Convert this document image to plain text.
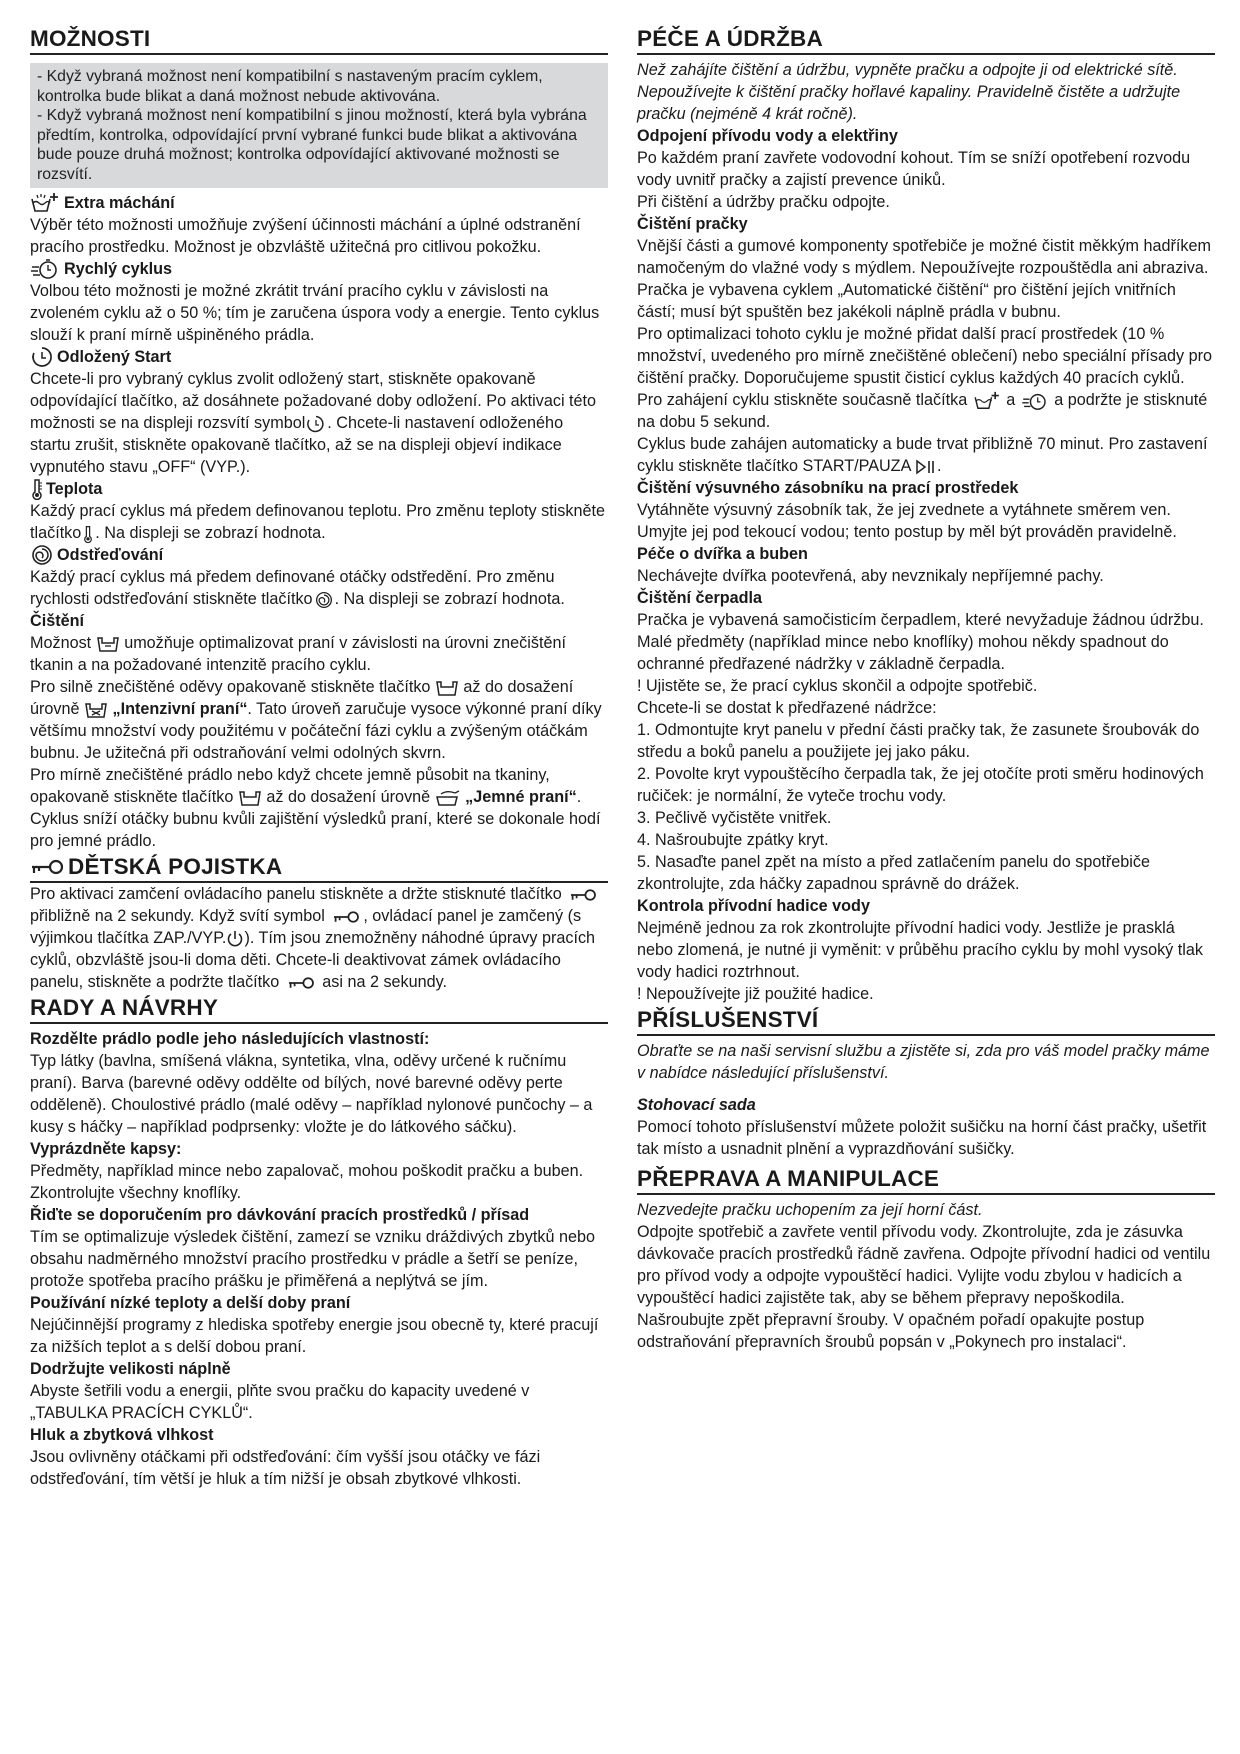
MOŽNOSTI

- Když vybraná možnost není kompatibilní s nastaveným pracím cyklem, kontrolka bude blikat a daná možnost nebude aktivována.

- Když vybraná možnost není kompatibilní s jinou možností, která byla vybrána předtím, kontrolka, odpovídající první vybrané funkci bude blikat a aktivována bude pouze druhá možnost; kontrolka odpovídající aktivované možnosti se rozsvítí.

Extra máchání

Výběr této možnosti umožňuje zvýšení účinnosti máchání a úplné odstranění pracího prostředku. Možnost je obzvláště užitečná pro citlivou pokožku.

Rychlý cyklus

Volbou této možnosti je možné zkrátit trvání pracího cyklu v závislosti na zvoleném cyklu až o 50 %; tím je zaručena úspora vody a energie. Tento cyklus slouží k praní mírně ušpiněného prádla.

Odložený Start

Chcete-li pro vybraný cyklus zvolit odložený start, stiskněte opakovaně odpovídající tlačítko, až dosáhnete požadované doby odložení. Po aktivaci této možnosti se na displeji rozsvítí symbol . Chcete-li nastavení odloženého startu zrušit, stiskněte opakovaně tlačítko, až se na displeji objeví indikace vypnutého stavu „OFF“ (VYP.).

Teplota

Každý prací cyklus má předem definovanou teplotu. Pro změnu teploty stiskněte tlačítko . Na displeji se zobrazí hodnota.

Odstřeďování

Každý prací cyklus má předem definované otáčky odstředění. Pro změnu rychlosti odstřeďování stiskněte tlačítko . Na displeji se zobrazí hodnota.

Čištění

Možnost umožňuje optimalizovat praní v závislosti na úrovni znečištění tkanin a na požadované intenzitě pracího cyklu.

Pro silně znečištěné oděvy opakovaně stiskněte tlačítko až do dosažení úrovně „Intenzivní praní“. Tato úroveň zaručuje vysoce výkonné praní díky většímu množství vody použitému v počáteční fázi cyklu a zvýšeným otáčkám bubnu. Je užitečná při odstraňování velmi odolných skvrn.

Pro mírně znečištěné prádlo nebo když chcete jemně působit na tkaniny, opakovaně stiskněte tlačítko až do dosažení úrovně „Jemné praní“. Cyklus sníží otáčky bubnu kvůli zajištění výsledků praní, které se dokonale hodí pro jemné prádlo.

DĚTSKÁ POJISTKA

Pro aktivaci zamčení ovládacího panelu stiskněte a držte stisknuté tlačítko  přibližně na 2 sekundy. Když svítí symbol , ovládací panel je zamčený (s výjimkou tlačítka ZAP./VYP. ). Tím jsou znemožněny náhodné úpravy pracích cyklů, obzvláště jsou-li doma děti. Chcete-li deaktivovat zámek ovládacího panelu, stiskněte a podržte tlačítko	asi na 2 sekundy.

RADY A NÁVRHY

Rozdělte prádlo podle jeho následujících vlastností:

Typ látky (bavlna, smíšená vlákna, syntetika, vlna, oděvy určené k ručnímu praní). Barva (barevné oděvy oddělte od bílých, nové barevné oděvy perte odděleně). Choulostivé prádlo (malé oděvy – například nylonové punčochy – a kusy s háčky – například podprsenky: vložte je do látkového sáčku).

Vyprázdněte kapsy:

Předměty, například mince nebo zapalovač, mohou poškodit pračku a buben. Zkontrolujte všechny knoflíky.

Řiďte se doporučením pro dávkování pracích prostředků / přísad

Tím se optimalizuje výsledek čištění, zamezí se vzniku dráždivých zbytků nebo obsahu nadměrného množství pracího prostředku v prádle a šetří se peníze, protože spotřeba pracího prášku je přiměřená a neplýtvá se jím.

Používání nízké teploty a delší doby praní

Nejúčinnější programy z hlediska spotřeby energie jsou obecně ty, které pracují za nižších teplot a s delší dobou praní.

Dodržujte velikosti náplně

Abyste šetřili vodu a energii, plňte svou pračku do kapacity uvedené v „TABULKA PRACÍCH CYKLŮ“.

Hluk a zbytková vlhkost

Jsou ovlivněny otáčkami při odstřeďování: čím vyšší jsou otáčky ve fázi odstřeďování, tím větší je hluk a tím nižší je obsah zbytkové vlhkosti.

PÉČE A ÚDRŽBA

Než zahájíte čištění a údržbu, vypněte pračku a odpojte ji od elektrické sítě. Nepoužívejte k čištění pračky hořlavé kapaliny. Pravidelně čistěte a udržujte pračku (nejméně 4 krát ročně).

Odpojení přívodu vody a elektřiny

Po každém praní zavřete vodovodní kohout. Tím se sníží opotřebení rozvodu vody uvnitř pračky a zajistí prevence úniků.

Při čištění a údržby pračku odpojte.

Čištění pračky

Vnější části a gumové komponenty spotřebiče je možné čistit měkkým hadříkem namočeným do vlažné vody s mýdlem. Nepoužívejte rozpouštědla ani abraziva.

Pračka je vybavena cyklem „Automatické čištění“ pro čištění jejích vnitřních částí; musí být spuštěn bez jakékoli náplně prádla v bubnu.

Pro optimalizaci tohoto cyklu je možné přidat další prací prostředek (10 % množství, uvedeného pro mírně znečištěné oblečení) nebo speciální přísady pro čištění pračky. Doporučujeme spustit čisticí cyklus každých 40 pracích cyklů.

Pro zahájení cyklu stiskněte současně tlačítka a a podržte je stisknuté na dobu 5 sekund.

Cyklus bude zahájen automaticky a bude trvat přibližně 70 minut. Pro zastavení cyklu stiskněte tlačítko START/PAUZA .

Čištění výsuvného zásobníku na prací prostředek

Vytáhněte výsuvný zásobník tak, že jej zvednete a vytáhnete směrem ven. Umyjte jej pod tekoucí vodou; tento postup by měl být prováděn pravidelně.

Péče o dvířka a buben

Nechávejte dvířka pootevřená, aby nevznikaly nepříjemné pachy.

Čištění čerpadla

Pračka je vybavená samočisticím čerpadlem, které nevyžaduje žádnou údržbu. Malé předměty (například mince nebo knoflíky) mohou někdy spadnout do ochranné předřazené nádržky v základně čerpadla.

! Ujistěte se, že prací cyklus skončil a odpojte spotřebič.

Chcete-li se dostat k předřazené nádržce:

1. Odmontujte kryt panelu v přední části pračky tak, že zasunete šroubovák do středu a boků panelu a použijete jej jako páku.

2. Povolte kryt vypouštěcího čerpadla tak, že jej otočíte proti směru hodinových ručiček: je normální, že vyteče trochu vody.

3. Pečlivě vyčistěte vnitřek.

4. Našroubujte zpátky kryt.

5. Nasaďte panel zpět na místo a před zatlačením panelu do spotřebiče zkontrolujte, zda háčky zapadnou správně do drážek.

Kontrola přívodní hadice vody

Nejméně jednou za rok zkontrolujte přívodní hadici vody. Jestliže je prasklá nebo zlomená, je nutné ji vyměnit: v průběhu pracího cyklu by mohl vysoký tlak vody hadici roztrhnout.

! Nepoužívejte již použité hadice.

PŘÍSLUŠENSTVÍ

Obraťte se na naši servisní službu a zjistěte si, zda pro váš model pračky máme v nabídce následující příslušenství.

Stohovací sada

Pomocí tohoto příslušenství můžete položit sušičku na horní část pračky, ušetřit tak místo a usnadnit plnění a vyprazdňování sušičky.

PŘEPRAVA A MANIPULACE

Nezvedejte pračku uchopením za její horní část.

Odpojte spotřebič a zavřete ventil přívodu vody. Zkontrolujte, zda je zásuvka dávkovače pracích prostředků řádně zavřena. Odpojte přívodní hadici od ventilu pro přívod vody a odpojte vypouštěcí hadici. Vylijte vodu zbylou v hadicích a vypouštěcí hadici zajistěte tak, aby se během přepravy nepoškodila. Našroubujte zpět přepravní šrouby. V opačném pořadí opakujte postup odstraňování přepravních šroubů popsán v „Pokynech pro instalaci“.
